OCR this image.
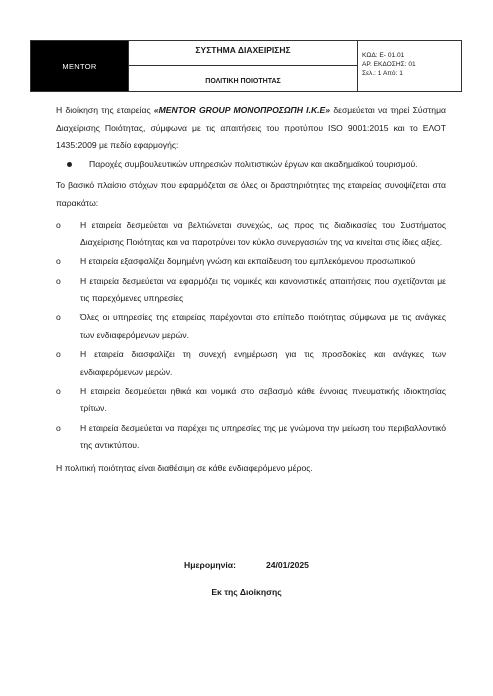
MENTOR
ΣΥΣΤΗΜΑ ΔΙΑΧΕΙΡΙΣΗΣ
ΠΟΛΙΤΙΚΗ ΠΟΙΟΤΗΤΑΣ
ΚΩΔ: Ε- 01.01
ΑΡ. ΕΚΔΟΣΗΣ: 01
Σελ.: 1 Από: 1

Η διοίκηση της εταιρείας «MENTOR GROUP ΜΟΝΟΠΡΟΣΩΠΗ Ι.Κ.Ε» δεσμεύεται να τηρεί Σύστημα Διαχείρισης Ποιότητας, σύμφωνα με τις απαιτήσεις του προτύπου ISO 9001:2015 και το ΕΛΟΤ 1435:2009 με πεδίο εφαρμογής:

Παροχές συμβουλευτικών υπηρεσιών πολιτιστικών έργων και ακαδημαϊκού τουρισμού.

Το βασικό πλαίσιο στόχων που εφαρμόζεται σε όλες οι δραστηριότητες της εταιρείας συνοψίζεται στα παρακάτω:

o Η εταιρεία δεσμεύεται να βελτιώνεται συνεχώς, ως προς τις διαδικασίες του Συστήματος Διαχείρισης Ποιότητας και να παροτρύνει τον κύκλο συνεργασιών της να κινείται στις ίδιες αξίες.
o Η εταιρεία εξασφαλίζει δομημένη γνώση και εκπαίδευση του εμπλεκόμενου προσωπικού
o Η εταιρεία δεσμεύεται να εφαρμόζει τις νομικές και κανονιστικές απαιτήσεις που σχετίζονται με τις παρεχόμενες υπηρεσίες
o Όλες οι υπηρεσίες της εταιρείας παρέχονται στο επίπεδο ποιότητας σύμφωνα με τις ανάγκες των ενδιαφερόμενων μερών.
o Η εταιρεία διασφαλίζει τη συνεχή ενημέρωση για τις προσδοκίες και ανάγκες των ενδιαφερόμενων μερών.
o Η εταιρεία δεσμεύεται ηθικά και νομικά στο σεβασμό κάθε έννοιας πνευματικής ιδιοκτησίας τρίτων.
o Η εταιρεία δεσμεύεται να παρέχει τις υπηρεσίες της με γνώμονα την μείωση του περιβαλλοντικό της αντικτύπου.

Η πολιτική ποιότητας είναι διαθέσιμη σε κάθε ενδιαφερόμενο μέρος.

Ημερομηνία:	24/01/2025
Εκ της Διοίκησης
